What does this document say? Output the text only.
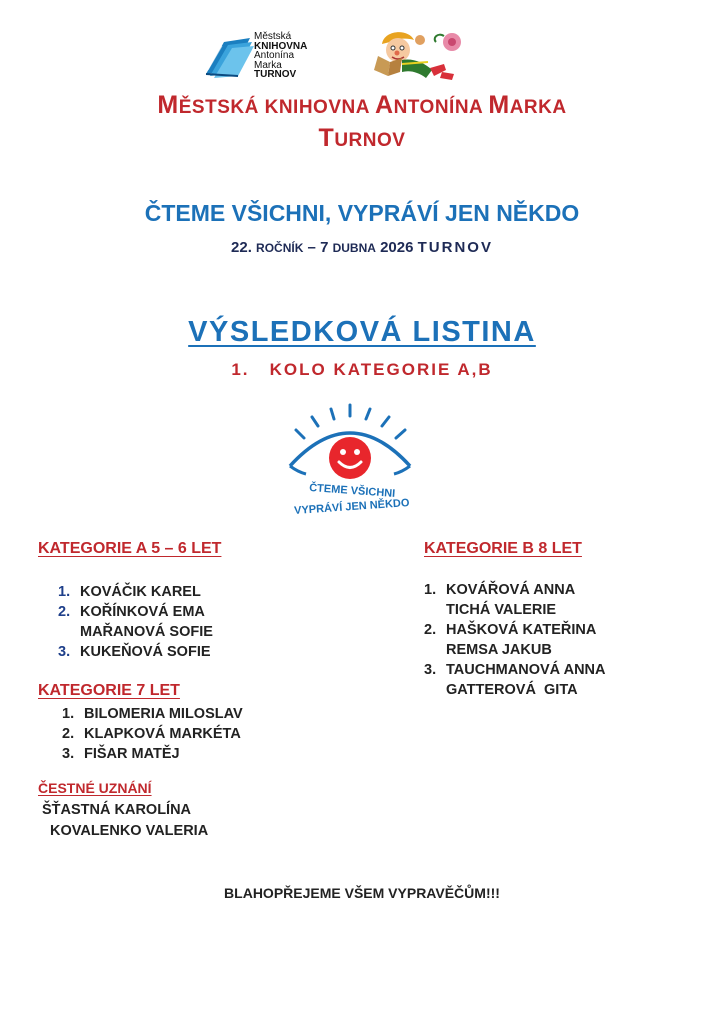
Městská
KNIHOVNA
Antonína
Marka
TURNOV
MĚSTSKÁ KNIHOVNA ANTONÍNA MARKA
TURNOV
ČTEME VŠICHNI, VYPRÁVÍ JEN NĚKDO
22. ROČNÍK – 7 DUBNA 2026 TURNOV
VÝSLEDKOVÁ LISTINA
1.   KOLO KATEGORIE A,B
ČTEME VŠICHNI
VYPRÁVÍ JEN NĚKDO
KATEGORIE A 5 – 6 LET
1. KOVÁČIK KAREL
2. KOŘÍNKOVÁ EMA
MAŘANOVÁ SOFIE
3. KUKEŇOVÁ SOFIE
KATEGORIE 7 LET
1. BILOMERIA MILOSLAV
2. KLAPKOVÁ MARKÉTA
3. FIŠAR MATĚJ
KATEGORIE B 8 LET
1. KOVÁŘOVÁ ANNA
TICHÁ VALERIE
2. HAŠKOVÁ KATEŘINA
REMSA JAKUB
3. TAUCHMANOVÁ ANNA
GATTEROVÁ  GITA
ČESTNÉ UZNÁNÍ
ŠŤASTNÁ KAROLÍNA
KOVALENKO VALERIA
BLAHOPŘEJEME VŠEM VYPRAVĚČŮM!!!
